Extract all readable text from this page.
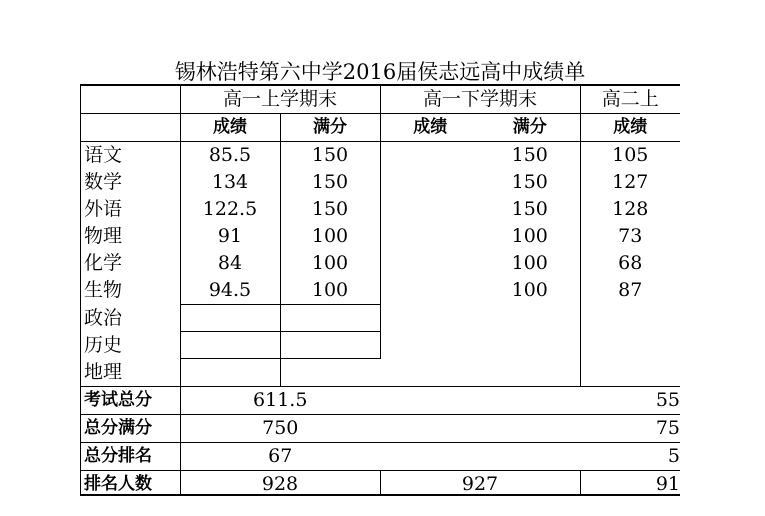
锡林浩特第六中学2016届侯志远高中成绩单
	高一上学期末		高一下学期末		高二上
	成绩	满分	成绩	满分	成绩
语文	85.5	150		150	105
数学	134	150		150	127
外语	122.5	150		150	128
物理	91	100		100	73
化学	84	100		100	68
生物	94.5	100		100	87
政治					
历史					
地理					
考试总分	611.5				55
总分满分	750				75
总分排名	67				5
排名人数	928		927		91
